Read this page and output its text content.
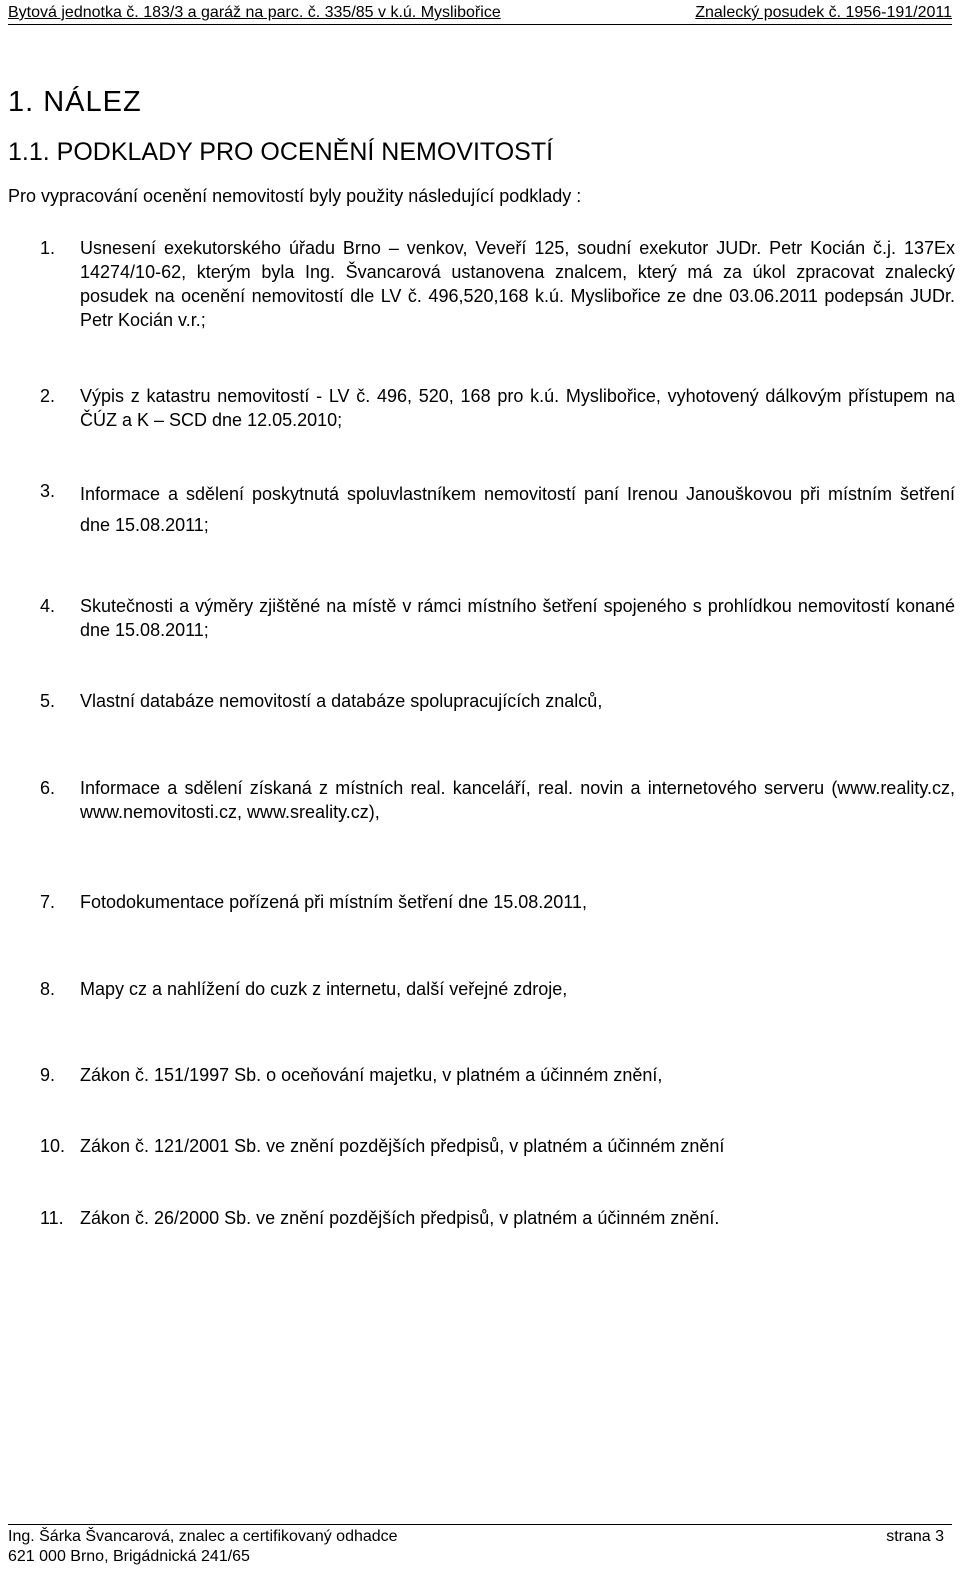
Bytová jednotka č. 183/3 a garáž na parc. č. 335/85 v k.ú. Myslibořice	Znalecký posudek č. 1956-191/2011
1. NÁLEZ
1.1. PODKLADY PRO OCENĚNÍ NEMOVITOSTÍ
Pro vypracování ocenění nemovitostí byly použity následující podklady :
1. Usnesení exekutorského úřadu Brno – venkov, Veveří 125, soudní exekutor JUDr. Petr Kocián č.j. 137Ex 14274/10-62, kterým byla Ing. Švancarová ustanovena znalcem, který má za úkol zpracovat znalecký posudek na ocenění nemovitostí dle LV č. 496,520,168 k.ú. Myslibořice ze dne 03.06.2011 podepsán JUDr. Petr Kocián v.r.;
2. Výpis z katastru nemovitostí - LV č. 496, 520, 168 pro k.ú. Myslibořice, vyhotovený dálkovým přístupem na ČÚZ a K – SCD dne 12.05.2010;
3. Informace a sdělení poskytnutá spoluvlastníkem nemovitostí paní Irenou Janouškovou při místním šetření dne 15.08.2011;
4. Skutečnosti a výměry zjištěné na místě v rámci místního šetření spojeného s prohlídkou nemovitostí konané dne 15.08.2011;
5. Vlastní databáze nemovitostí a databáze spolupracujících znalců,
6. Informace a sdělení získaná z místních real. kanceláří, real. novin a internetového serveru (www.reality.cz, www.nemovitosti.cz, www.sreality.cz),
7. Fotodokumentace pořízená při místním šetření dne 15.08.2011,
8. Mapy cz a nahlížení do cuzk z internetu, další veřejné zdroje,
9. Zákon č. 151/1997 Sb. o oceňování majetku, v platném a účinném znění,
10. Zákon č. 121/2001 Sb. ve znění pozdějších předpisů, v platném a účinném znění
11. Zákon č. 26/2000 Sb. ve znění pozdějších předpisů, v platném a účinném znění.
Ing. Šárka Švancarová, znalec a certifikovaný odhadce	strana 3
621 000 Brno, Brigádnická 241/65
